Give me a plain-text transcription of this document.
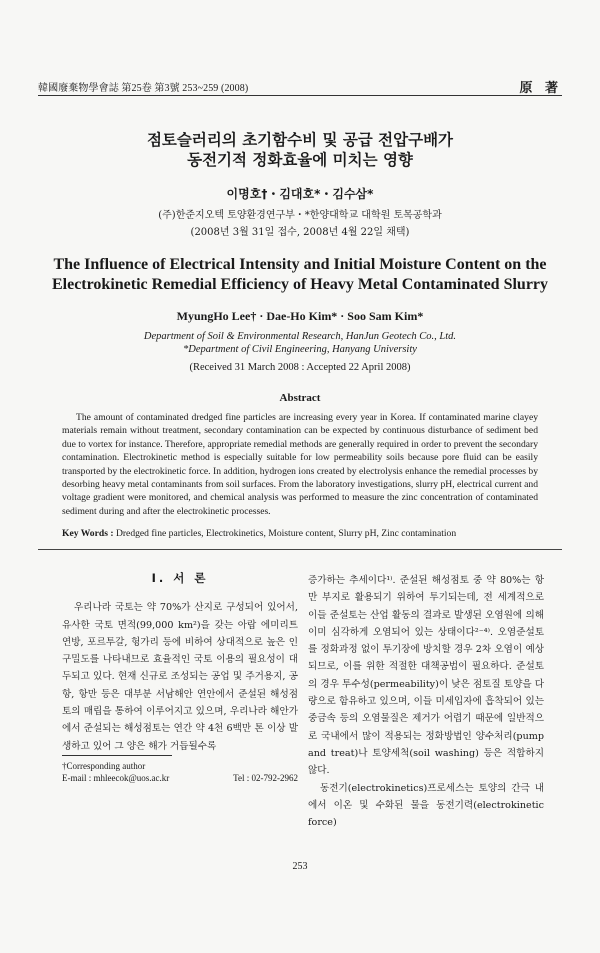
韓國廢棄物學會誌 第25卷 第3號 253~259 (2008)	原 著
점토슬러리의 초기함수비 및 공급 전압구배가
동전기적 정화효율에 미치는 영향
이명호†・김대호*・김수삼*
(주)한준지오텍 토양환경연구부・*한양대학교 대학원 토목공학과
(2008년 3월 31일 접수, 2008년 4월 22일 채택)
The Influence of Electrical Intensity and Initial Moisture Content on the
Electrokinetic Remedial Efficiency of Heavy Metal Contaminated Slurry
MyungHo Lee† · Dae-Ho Kim* · Soo Sam Kim*
Department of Soil & Environmental Research, HanJun Geotech Co., Ltd.
*Department of Civil Engineering, Hanyang University
(Received 31 March 2008 : Accepted 22 April 2008)
Abstract

The amount of contaminated dredged fine particles are increasing every year in Korea. If contaminated marine clayey materials remain without treatment, secondary contamination can be expected by continuous disturbance of sediment bed due to vortex for instance. Therefore, appropriate remedial methods are generally required in order to prevent the secondary contamination. Electrokinetic method is especially suitable for low permeability soils because pore fluid can be easily transported by the electrokinetic force. In addition, hydrogen ions created by electrolysis enhance the remedial processes by desorbing heavy metal contaminants from soil surfaces. From the laboratory investigations, slurry pH, electrical current and voltage gradient were monitored, and chemical analysis was performed to measure the zinc concentration of contaminated sediment during and after the electrokinetic processes.

Key Words : Dredged fine particles, Electrokinetics, Moisture content, Slurry pH, Zinc contamination
I. 서 론

우리나라 국토는 약 70%가 산지로 구성되어 있어서, 유사한 국토 면적(99,000 km²)을 갖는 아랍 에미리트 연방, 포르투갈, 헝가리 등에 비하여 상대적으로 높은 인구밀도를 나타내므로 효율적인 국토 이용의 필요성이 대두되고 있다. 현재 신규로 조성되는 공업 및 주거용지, 공항, 항만 등은 대부분 서남해안 연안에서 준설된 해성점토의 매립을 통하여 이루어지고 있으며, 우리나라 해안가에서 준설되는 해성점토는 연간 약 4천 6백만 톤 이상 발생하고 있어 그 양은 해가 거듭될수록

증가하는 추세이다¹⁾. 준설된 해성점토 중 약 80%는 항만 부지로 활용되기 위하여 투기되는데, 전 세계적으로 이들 준설토는 산업 활동의 결과로 발생된 오염원에 의해 이미 심각하게 오염되어 있는 상태이다²⁻⁴⁾. 오염준설토를 정화과정 없이 투기장에 방치할 경우 2차 오염이 예상되므로, 이를 위한 적절한 대책공법이 필요하다. 준설토의 경우 투수성(permeability)이 낮은 점토질 토양을 다량으로 함유하고 있으며, 이들 미세입자에 흡착되어 있는 중금속 등의 오염물질은 제거가 어렵기 때문에 일반적으로 국내에서 많이 적용되는 정화방법인 양수처리(pump and treat)나 토양세척(soil washing) 등은 적합하지 않다.

동전기(electrokinetics)프로세스는 토양의 간극 내에서 이온 및 수화된 물을 동전기력(electrokinetic force)

†Corresponding author
E-mail : mhleecok@uos.ac.kr	Tel : 02-792-2962
253
